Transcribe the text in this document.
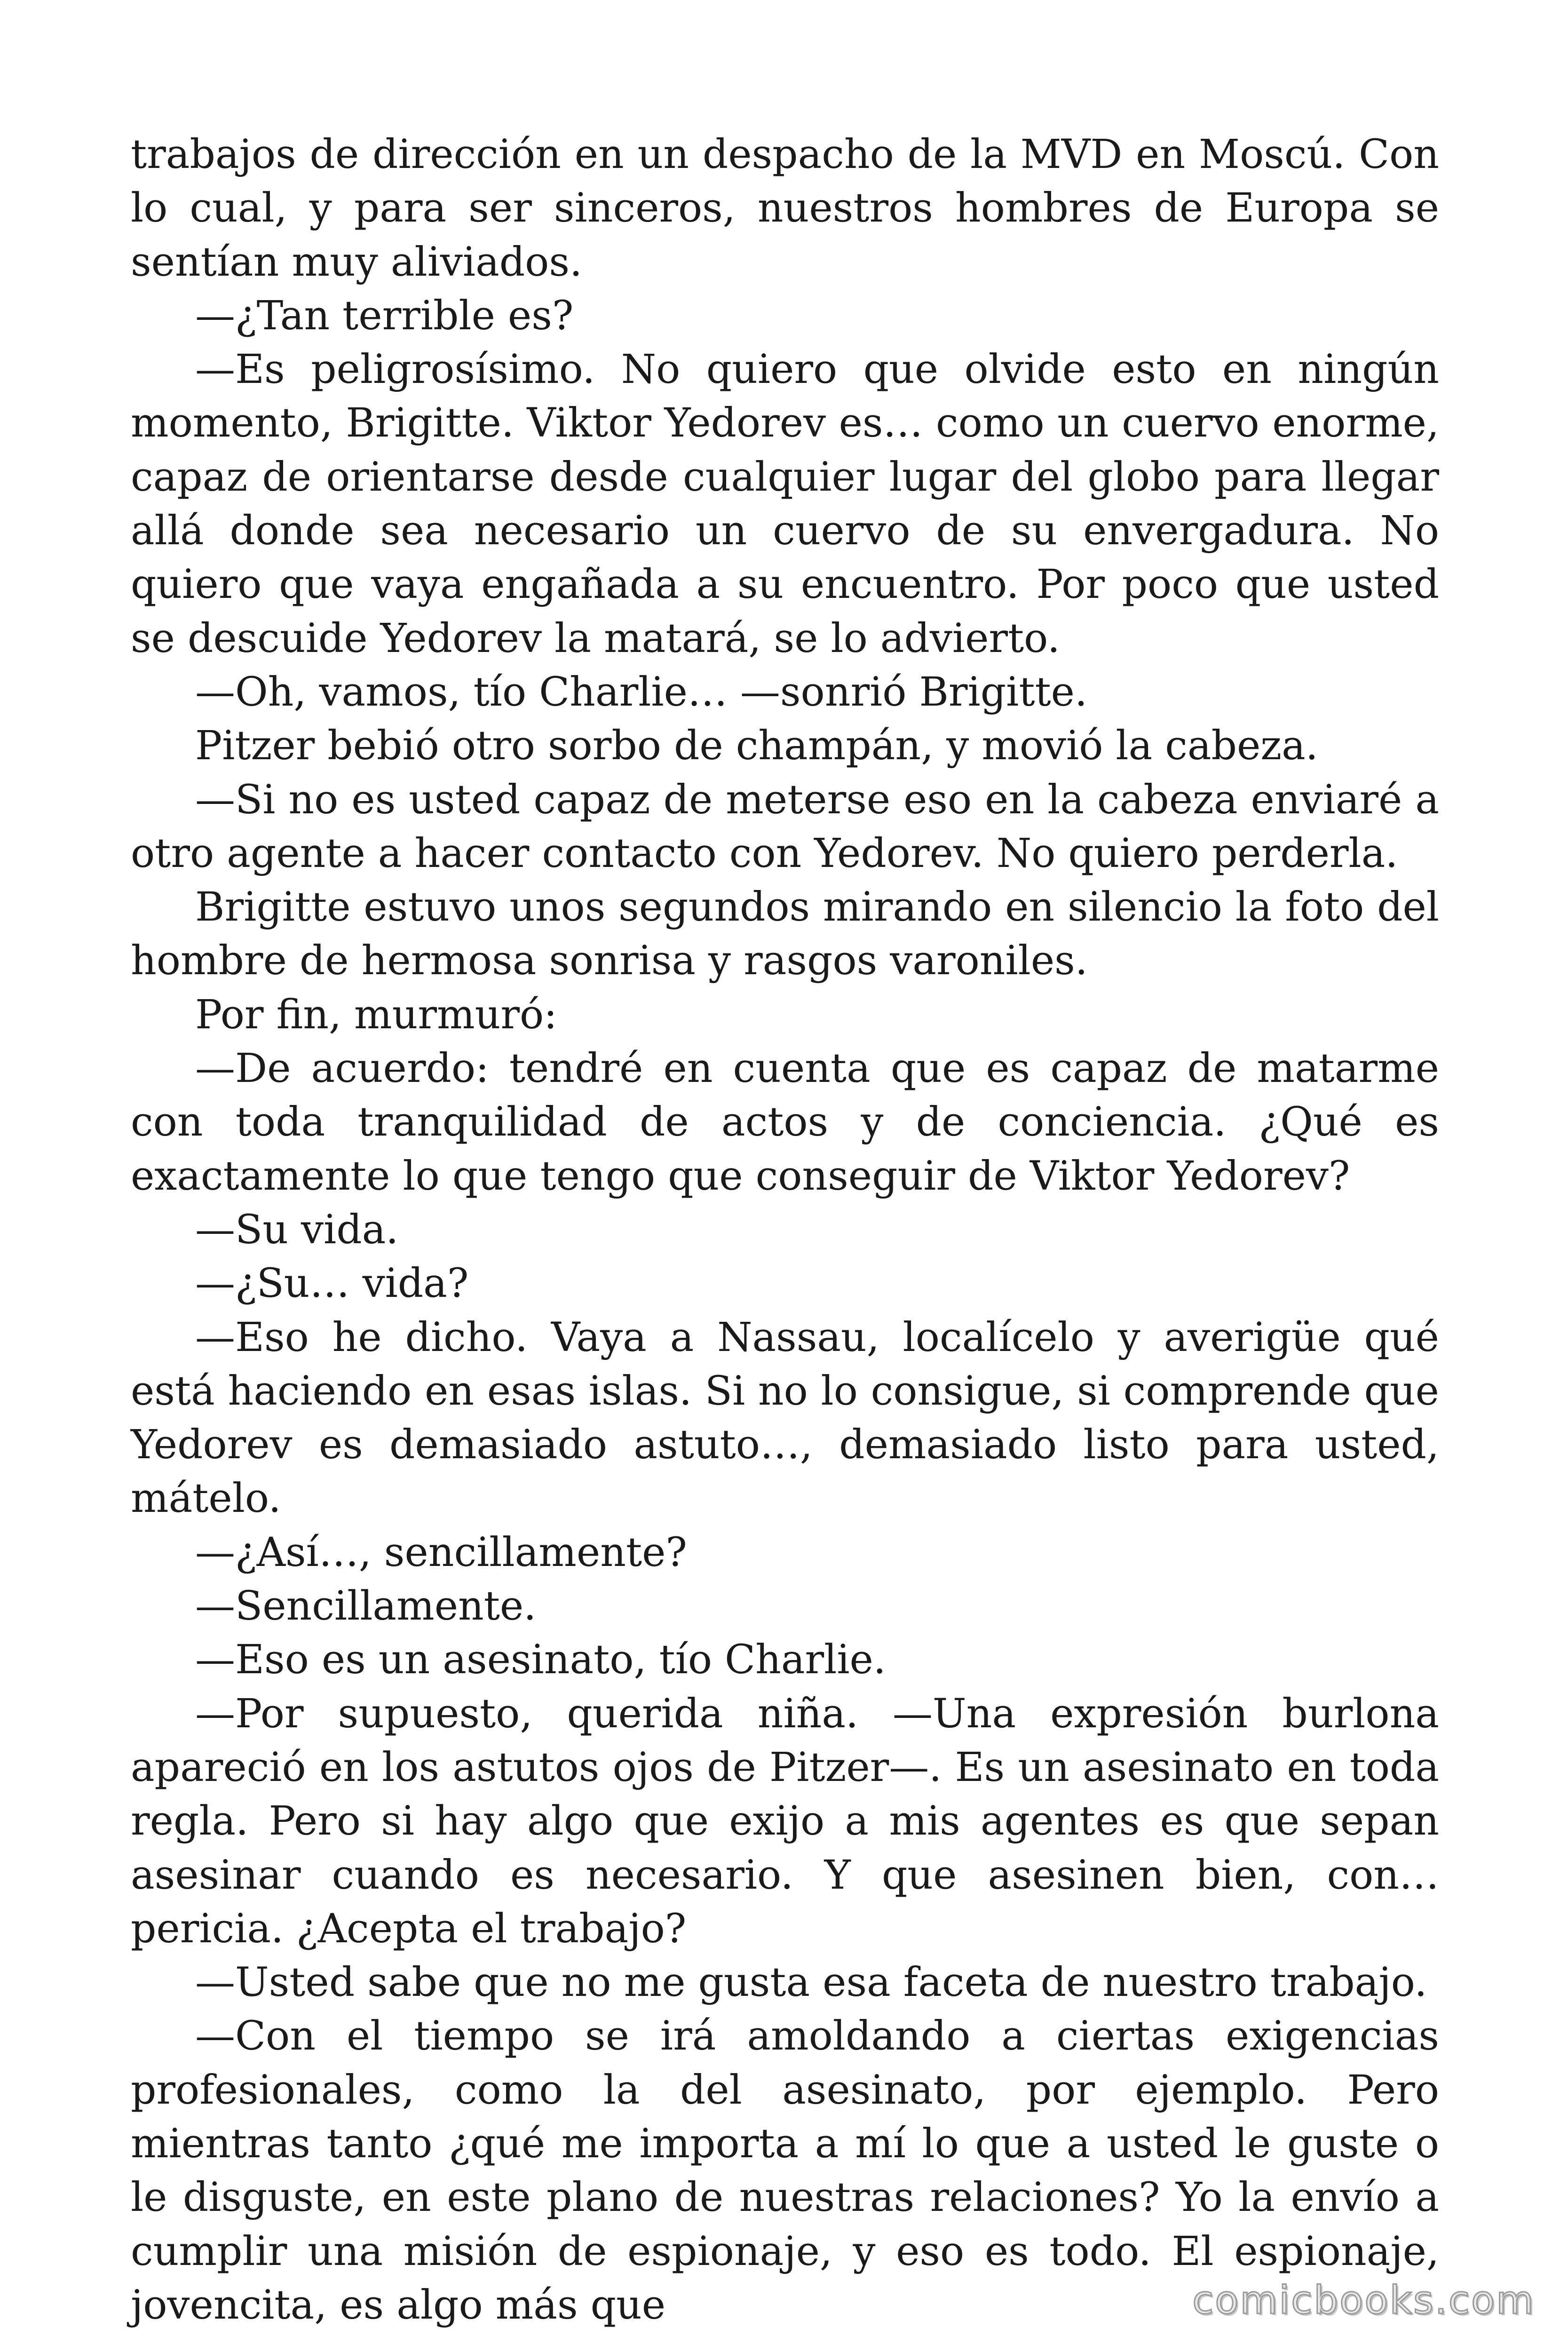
trabajos de dirección en un despacho de la MVD en Moscú. Con lo cual, y para ser sinceros, nuestros hombres de Europa se sentían muy aliviados.

—¿Tan terrible es?

—Es peligrosísimo. No quiero que olvide esto en ningún momento, Brigitte. Viktor Yedorev es… como un cuervo enorme, capaz de orientarse desde cualquier lugar del globo para llegar allá donde sea necesario un cuervo de su envergadura. No quiero que vaya engañada a su encuentro. Por poco que usted se descuide Yedorev la matará, se lo advierto.

—Oh, vamos, tío Charlie… —sonrió Brigitte.

Pitzer bebió otro sorbo de champán, y movió la cabeza.

—Si no es usted capaz de meterse eso en la cabeza enviaré a otro agente a hacer contacto con Yedorev. No quiero perderla.

Brigitte estuvo unos segundos mirando en silencio la foto del hombre de hermosa sonrisa y rasgos varoniles.

Por fin, murmuró:

—De acuerdo: tendré en cuenta que es capaz de matarme con toda tranquilidad de actos y de conciencia. ¿Qué es exactamente lo que tengo que conseguir de Viktor Yedorev?

—Su vida.

—¿Su… vida?

—Eso he dicho. Vaya a Nassau, localícelo y averigüe qué está haciendo en esas islas. Si no lo consigue, si comprende que Yedorev es demasiado astuto…, demasiado listo para usted, mátelo.

—¿Así…, sencillamente?

—Sencillamente.

—Eso es un asesinato, tío Charlie.

—Por supuesto, querida niña. —Una expresión burlona apareció en los astutos ojos de Pitzer—. Es un asesinato en toda regla. Pero si hay algo que exijo a mis agentes es que sepan asesinar cuando es necesario. Y que asesinen bien, con… pericia. ¿Acepta el trabajo?

—Usted sabe que no me gusta esa faceta de nuestro trabajo.

—Con el tiempo se irá amoldando a ciertas exigencias profesionales, como la del asesinato, por ejemplo. Pero mientras tanto ¿qué me importa a mí lo que a usted le guste o le disguste, en este plano de nuestras relaciones? Yo la envío a cumplir una misión de espionaje, y eso es todo. El espionaje, jovencita, es algo más que	comicbooks.com
